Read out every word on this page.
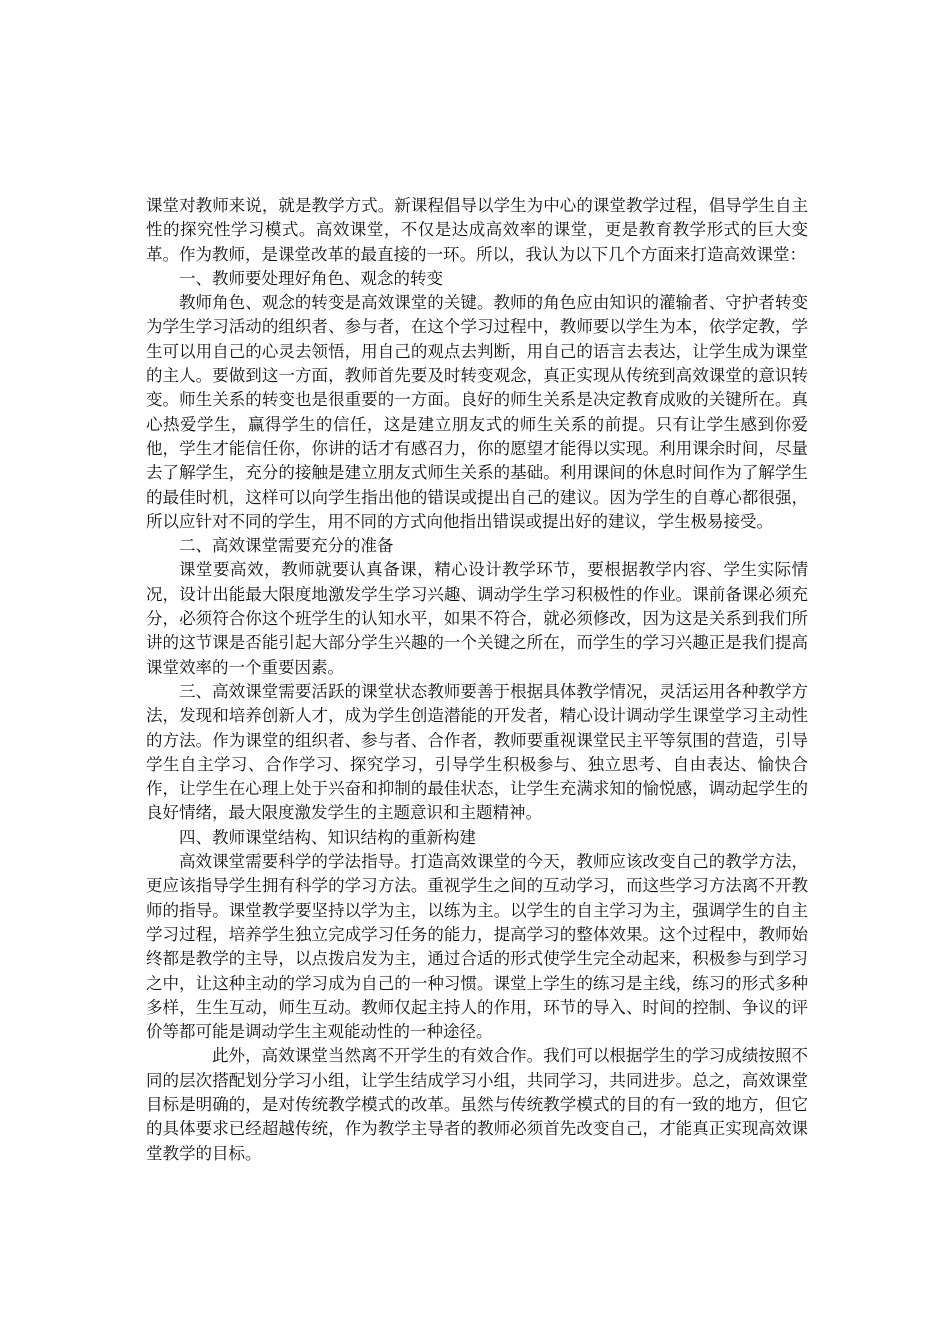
课堂对教师来说，就是教学方式。新课程倡导以学生为中心的课堂教学过程，倡导学生自主性的探究性学习模式。高效课堂，不仅是达成高效率的课堂，更是教育教学形式的巨大变革。作为教师，是课堂改革的最直接的一环。所以，我认为以下几个方面来打造高效课堂：

一、教师要处理好角色、观念的转变

教师角色、观念的转变是高效课堂的关键。教师的角色应由知识的灌输者、守护者转变为学生学习活动的组织者、参与者，在这个学习过程中，教师要以学生为本，依学定教，学生可以用自己的心灵去领悟，用自己的观点去判断，用自己的语言去表达，让学生成为课堂的主人。要做到这一方面，教师首先要及时转变观念，真正实现从传统到高效课堂的意识转变。师生关系的转变也是很重要的一方面。良好的师生关系是决定教育成败的关键所在。真心热爱学生，赢得学生的信任，这是建立朋友式的师生关系的前提。只有让学生感到你爱他，学生才能信任你，你讲的话才有感召力，你的愿望才能得以实现。利用课余时间，尽量去了解学生，充分的接触是建立朋友式师生关系的基础。利用课间的休息时间作为了解学生的最佳时机，这样可以向学生指出他的错误或提出自己的建议。因为学生的自尊心都很强，所以应针对不同的学生，用不同的方式向他指出错误或提出好的建议，学生极易接受。

二、高效课堂需要充分的准备

课堂要高效，教师就要认真备课，精心设计教学环节，要根据教学内容、学生实际情况，设计出能最大限度地激发学生学习兴趣、调动学生学习积极性的作业。课前备课必须充分，必须符合你这个班学生的认知水平，如果不符合，就必须修改，因为这是关系到我们所讲的这节课是否能引起大部分学生兴趣的一个关键之所在，而学生的学习兴趣正是我们提高课堂效率的一个重要因素。

三、高效课堂需要活跃的课堂状态教师要善于根据具体教学情况，灵活运用各种教学方法，发现和培养创新人才，成为学生创造潜能的开发者，精心设计调动学生课堂学习主动性的方法。作为课堂的组织者、参与者、合作者，教师要重视课堂民主平等氛围的营造，引导学生自主学习、合作学习、探究学习，引导学生积极参与、独立思考、自由表达、愉快合作，让学生在心理上处于兴奋和抑制的最佳状态，让学生充满求知的愉悦感，调动起学生的良好情绪，最大限度激发学生的主题意识和主题精神。

四、教师课堂结构、知识结构的重新构建

高效课堂需要科学的学法指导。打造高效课堂的今天，教师应该改变自己的教学方法，更应该指导学生拥有科学的学习方法。重视学生之间的互动学习，而这些学习方法离不开教师的指导。课堂教学要坚持以学为主，以练为主。以学生的自主学习为主，强调学生的自主学习过程，培养学生独立完成学习任务的能力，提高学习的整体效果。这个过程中，教师始终都是教学的主导，以点拨启发为主，通过合适的形式使学生完全动起来，积极参与到学习之中，让这种主动的学习成为自己的一种习惯。课堂上学生的练习是主线，练习的形式多种多样，生生互动，师生互动。教师仅起主持人的作用，环节的导入、时间的控制、争议的评价等都可能是调动学生主观能动性的一种途径。

此外，高效课堂当然离不开学生的有效合作。我们可以根据学生的学习成绩按照不同的层次搭配划分学习小组，让学生结成学习小组，共同学习，共同进步。总之，高效课堂目标是明确的，是对传统教学模式的改革。虽然与传统教学模式的目的有一致的地方，但它的具体要求已经超越传统，作为教学主导者的教师必须首先改变自己，才能真正实现高效课堂教学的目标。
